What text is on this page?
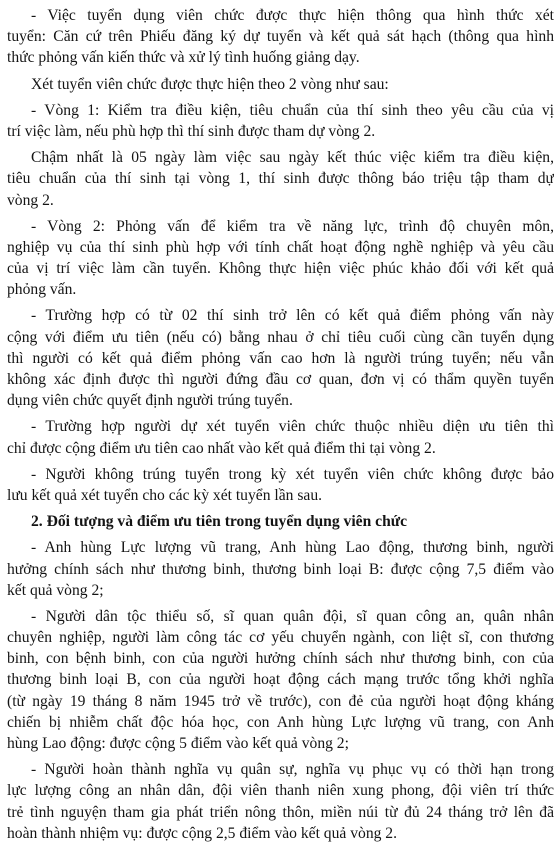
- Việc tuyển dụng viên chức được thực hiện thông qua hình thức xét
tuyển: Căn cứ trên Phiếu đăng ký dự tuyển và kết quả sát hạch (thông qua hình
thức phỏng vấn kiến thức và xử lý tình huống giảng dạy.
Xét tuyển viên chức được thực hiện theo 2 vòng như sau:
- Vòng 1: Kiểm tra điều kiện, tiêu chuẩn của thí sinh theo yêu cầu của vị
trí việc làm, nếu phù hợp thì thí sinh được tham dự vòng 2.
Chậm nhất là 05 ngày làm việc sau ngày kết thúc việc kiểm tra điều kiện,
tiêu chuẩn của thí sinh tại vòng 1, thí sinh được thông báo triệu tập tham dự
vòng 2.
- Vòng 2: Phỏng vấn để kiểm tra về năng lực, trình độ chuyên môn,
nghiệp vụ của thí sinh phù hợp với tính chất hoạt động nghề nghiệp và yêu cầu
của vị trí việc làm cần tuyển. Không thực hiện việc phúc khảo đối với kết quả
phỏng vấn.
- Trường hợp có từ 02 thí sinh trở lên có kết quả điểm phỏng vấn này
cộng với điểm ưu tiên (nếu có) bằng nhau ở chỉ tiêu cuối cùng cần tuyển dụng
thì người có kết quả điểm phỏng vấn cao hơn là người trúng tuyển; nếu vẫn
không xác định được thì người đứng đầu cơ quan, đơn vị có thẩm quyền tuyển
dụng viên chức quyết định người trúng tuyển.
- Trường hợp người dự xét tuyển viên chức thuộc nhiều diện ưu tiên thì
chỉ được cộng điểm ưu tiên cao nhất vào kết quả điểm thi tại vòng 2.
- Người không trúng tuyển trong kỳ xét tuyển viên chức không được bảo
lưu kết quả xét tuyển cho các kỳ xét tuyển lần sau.
2. Đối tượng và điểm ưu tiên trong tuyển dụng viên chức
- Anh hùng Lực lượng vũ trang, Anh hùng Lao động, thương binh, người
hưởng chính sách như thương binh, thương binh loại B: được cộng 7,5 điểm vào
kết quả vòng 2;
- Người dân tộc thiểu số, sĩ quan quân đội, sĩ quan công an, quân nhân
chuyên nghiệp, người làm công tác cơ yếu chuyển ngành, con liệt sĩ, con thương
binh, con bệnh binh, con của người hưởng chính sách như thương binh, con của
thương binh loại B, con của người hoạt động cách mạng trước tổng khởi nghĩa
(từ ngày 19 tháng 8 năm 1945 trở về trước), con đẻ của người hoạt động kháng
chiến bị nhiễm chất độc hóa học, con Anh hùng Lực lượng vũ trang, con Anh
hùng Lao động: được cộng 5 điểm vào kết quả vòng 2;
- Người hoàn thành nghĩa vụ quân sự, nghĩa vụ phục vụ có thời hạn trong
lực lượng công an nhân dân, đội viên thanh niên xung phong, đội viên trí thức
trẻ tình nguyện tham gia phát triển nông thôn, miền núi từ đủ 24 tháng trở lên đã
hoàn thành nhiệm vụ: được cộng 2,5 điểm vào kết quả vòng 2.
